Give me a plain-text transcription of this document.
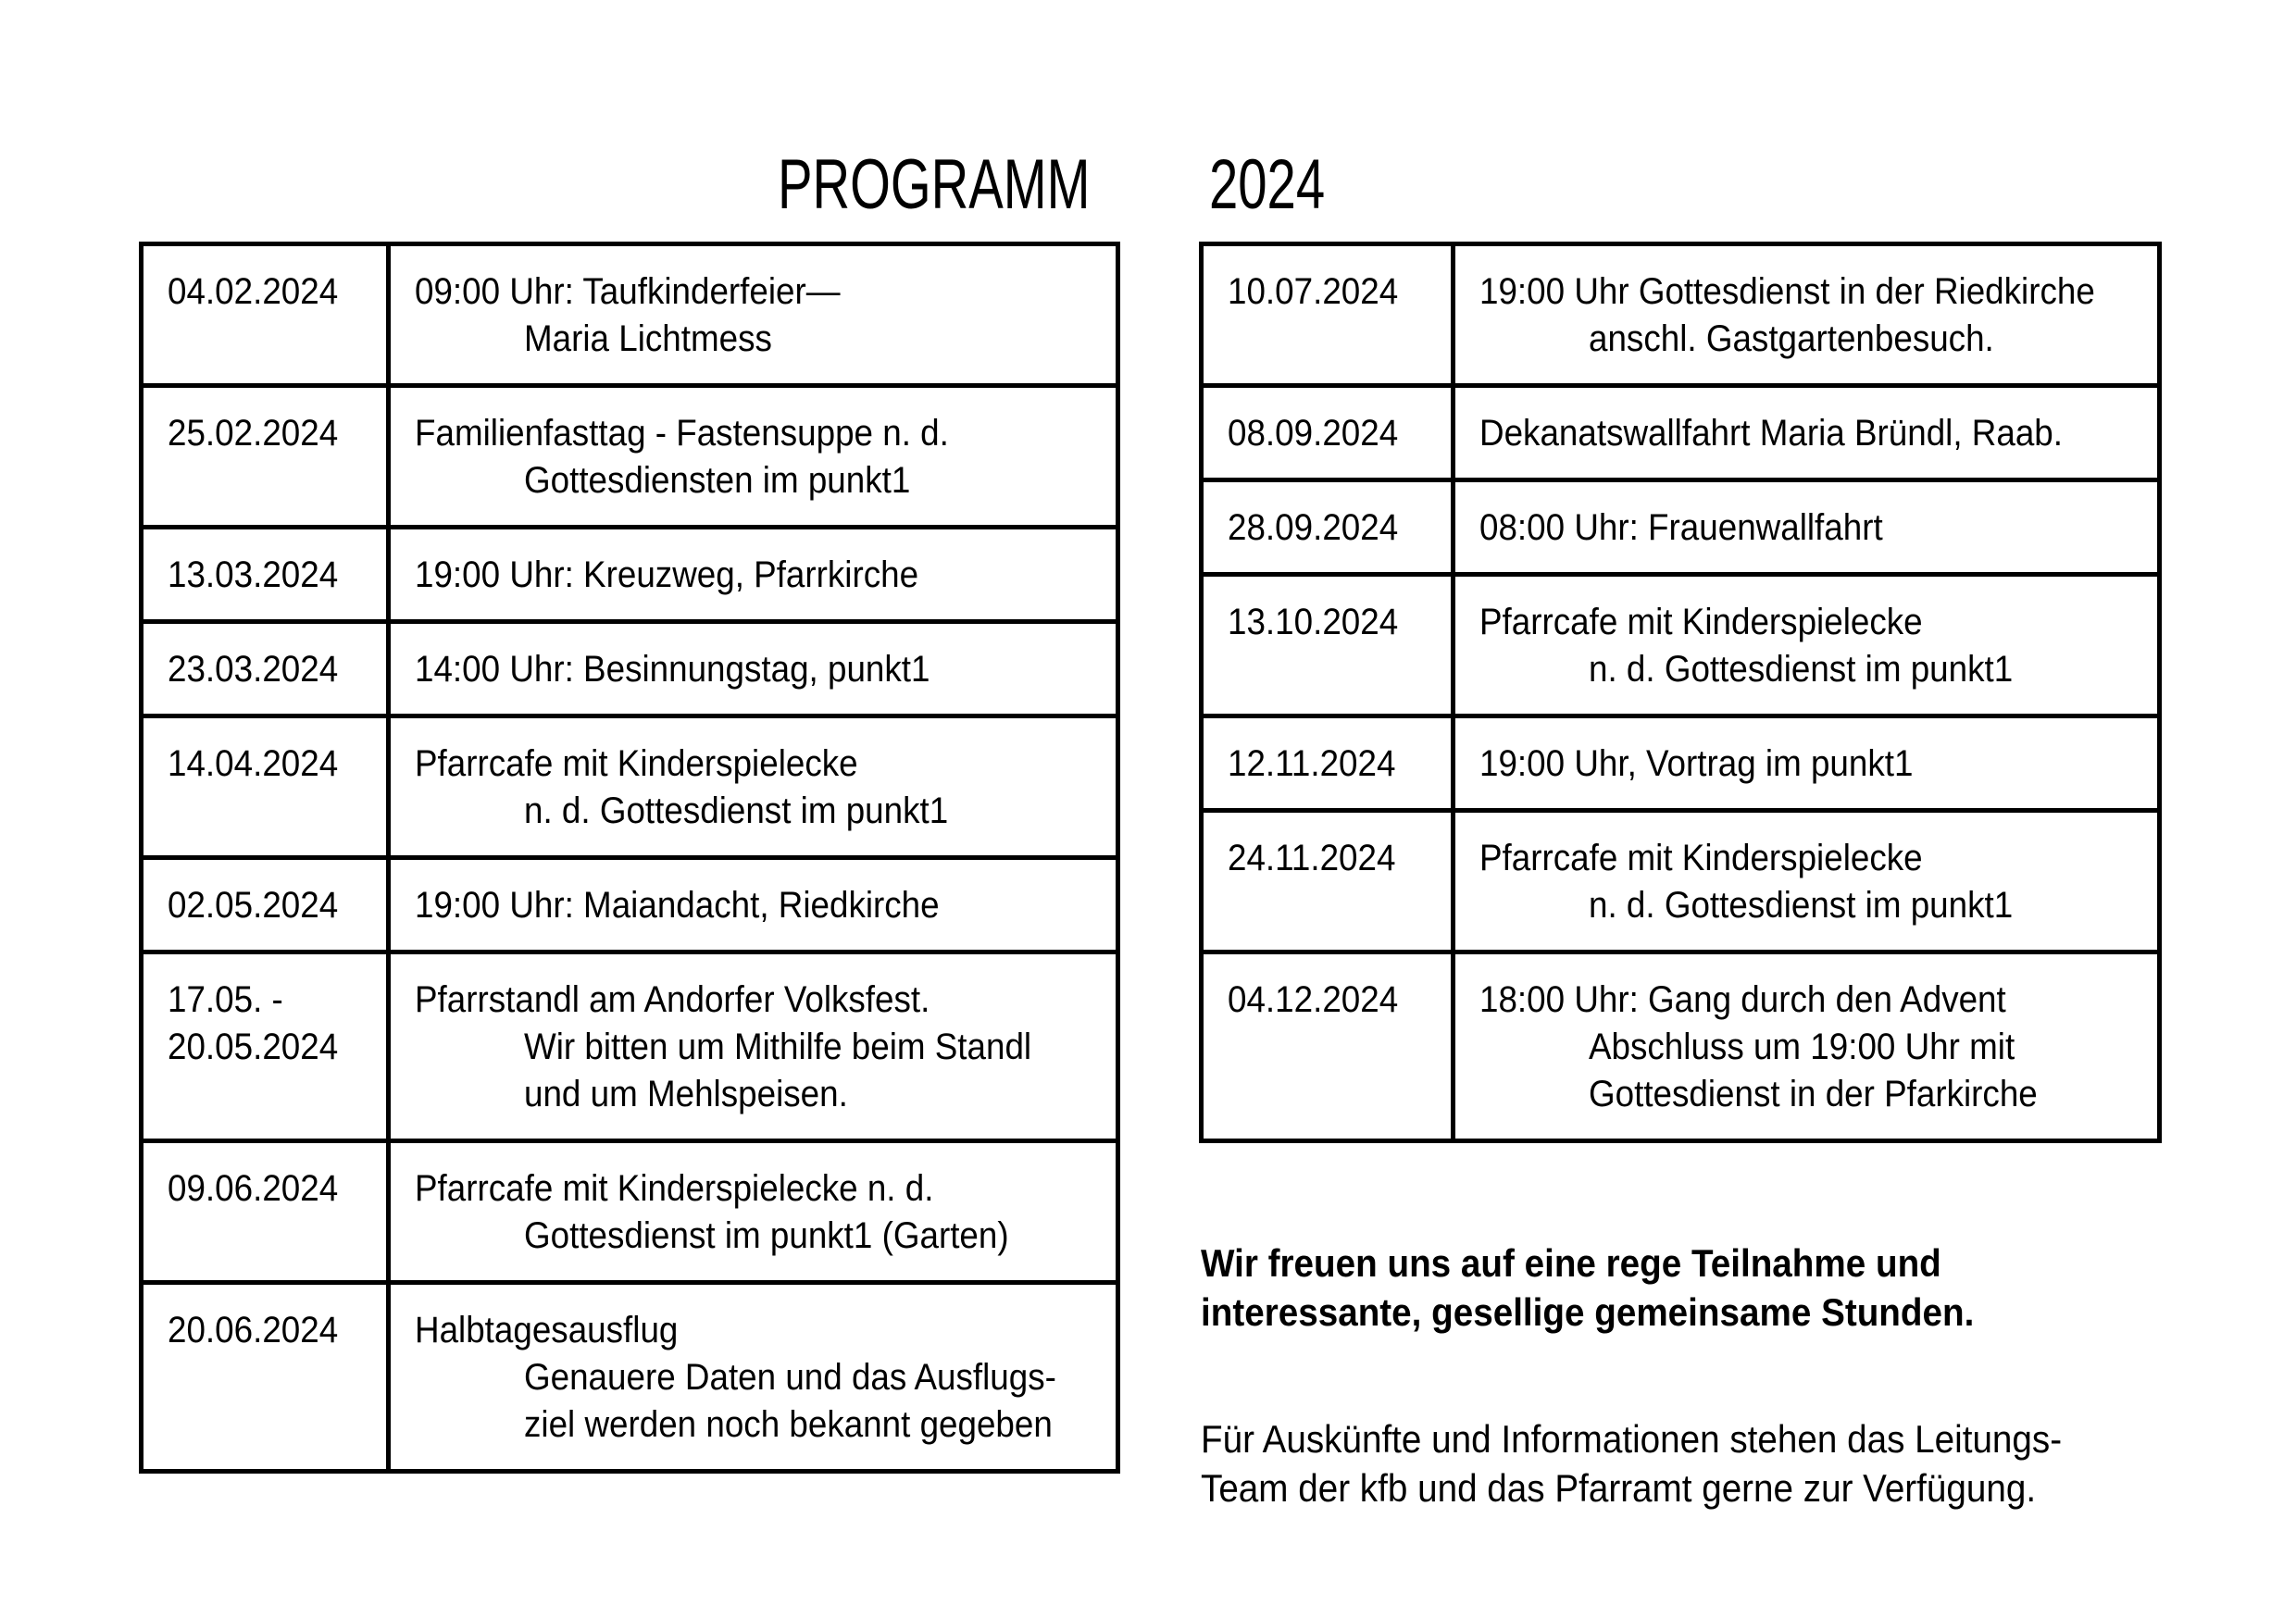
PROGRAMM 2024
04.02.2024	09:00 Uhr: Taufkinderfeier—
Maria Lichtmess

25.02.2024	Familienfasttag - Fastensuppe n. d.
Gottesdiensten im punkt1

13.03.2024	19:00 Uhr: Kreuzweg, Pfarrkirche

23.03.2024	14:00 Uhr: Besinnungstag, punkt1

14.04.2024	Pfarrcafe mit Kinderspielecke
n. d. Gottesdienst im punkt1

02.05.2024	19:00 Uhr: Maiandacht, Riedkirche

17.05. -
20.05.2024	Pfarrstandl am Andorfer Volksfest.
Wir bitten um Mithilfe beim Standl
und um Mehlspeisen.

09.06.2024	Pfarrcafe mit Kinderspielecke n. d.
Gottesdienst im punkt1 (Garten)

20.06.2024	Halbtagesausflug
Genauere Daten und das Ausflugs-
ziel werden noch bekannt gegeben
10.07.2024	19:00 Uhr Gottesdienst in der Riedkirche
anschl. Gastgartenbesuch.

08.09.2024	Dekanatswallfahrt Maria Bründl, Raab.

28.09.2024	08:00 Uhr: Frauenwallfahrt

13.10.2024	Pfarrcafe mit Kinderspielecke
n. d. Gottesdienst im punkt1

12.11.2024	19:00 Uhr, Vortrag im punkt1

24.11.2024	Pfarrcafe mit Kinderspielecke
n. d. Gottesdienst im punkt1

04.12.2024	18:00 Uhr: Gang durch den Advent
Abschluss um 19:00 Uhr mit
Gottesdienst in der Pfarkirche
Wir freuen uns auf eine rege Teilnahme und
interessante, gesellige gemeinsame Stunden.
Für Auskünfte und Informationen stehen das Leitungs-
Team der kfb und das Pfarramt gerne zur Verfügung.
